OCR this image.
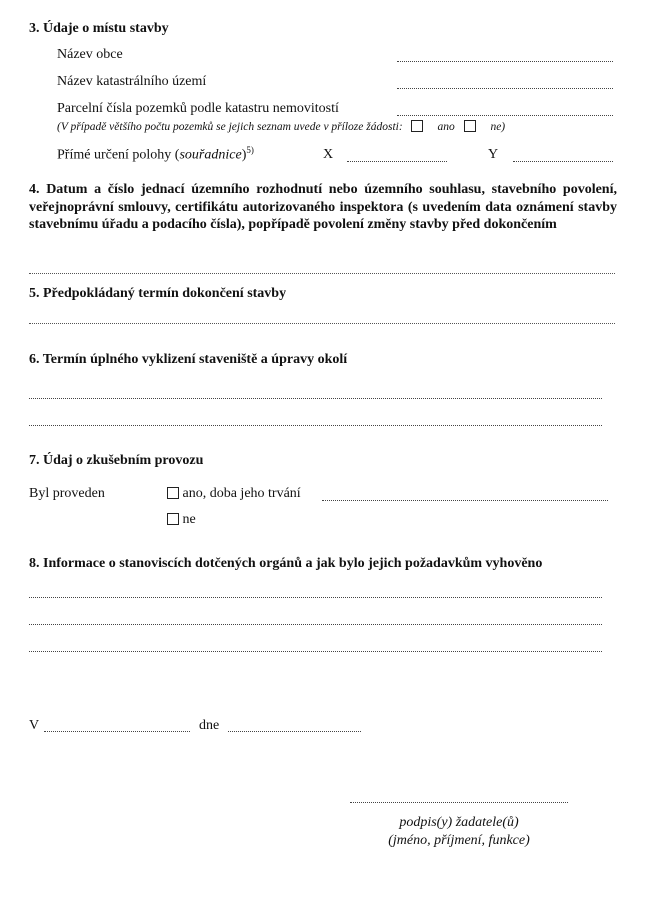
3. Údaje o místu stavby
Název obce
Název katastrálního území
Parcelní čísla pozemků podle katastru nemovitostí
(V případě většího počtu pozemků se jejich seznam uvede v příloze žádosti:	ano	ne)
Přímé určení polohy (souřadnice)$^{5)}$	X	Y
4. Datum a číslo jednací územního rozhodnutí nebo územního souhlasu, stavebního povolení, veřejnoprávní smlouvy, certifikátu autorizovaného inspektora (s uvedením data oznámení stavby stavebnímu úřadu a podacího čísla), popřípadě povolení změny stavby před dokončením
5. Předpokládaný termín dokončení stavby
6. Termín úplného vyklizení staveniště a úpravy okolí
7. Údaj o zkušebním provozu
Byl proveden	ano, doba jeho trvání
ne
8. Informace o stanoviscích dotčených orgánů a jak bylo jejich požadavkům vyhověno
V	dne
podpis(y) žadatele(ů)
(jméno, příjmení, funkce)
